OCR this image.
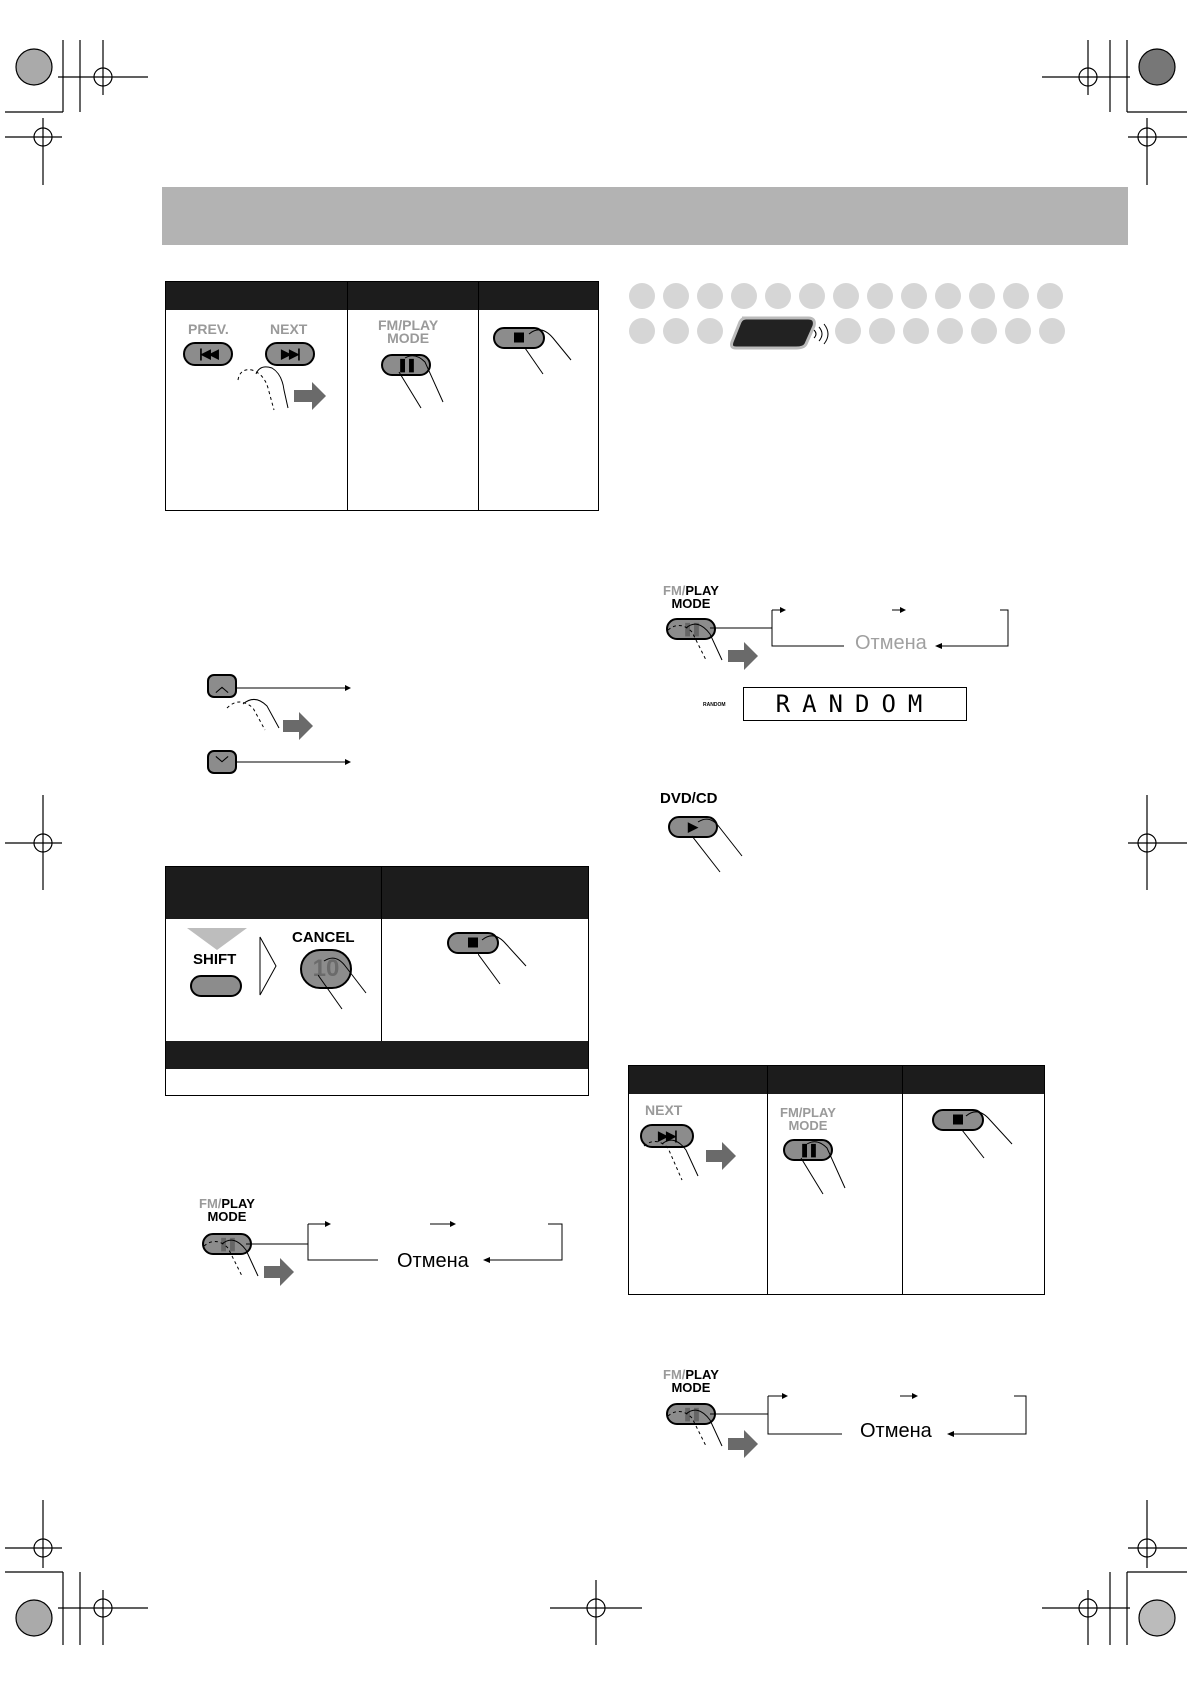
PREV.	NEXT
|◀◀	▶▶|
FM/PLAY
MODE
❚❚
︿
﹀
SHIFT
CANCEL
10
FM/PLAY
MODE
❚❚
Отмена
FM/PLAY
MODE
❚❚
Отмена
RANDOM	RANDOM
DVD/CD
▶
NEXT
▶▶|
FM/PLAY
MODE
❚❚
FM/PLAY
MODE
❚❚
Отмена
